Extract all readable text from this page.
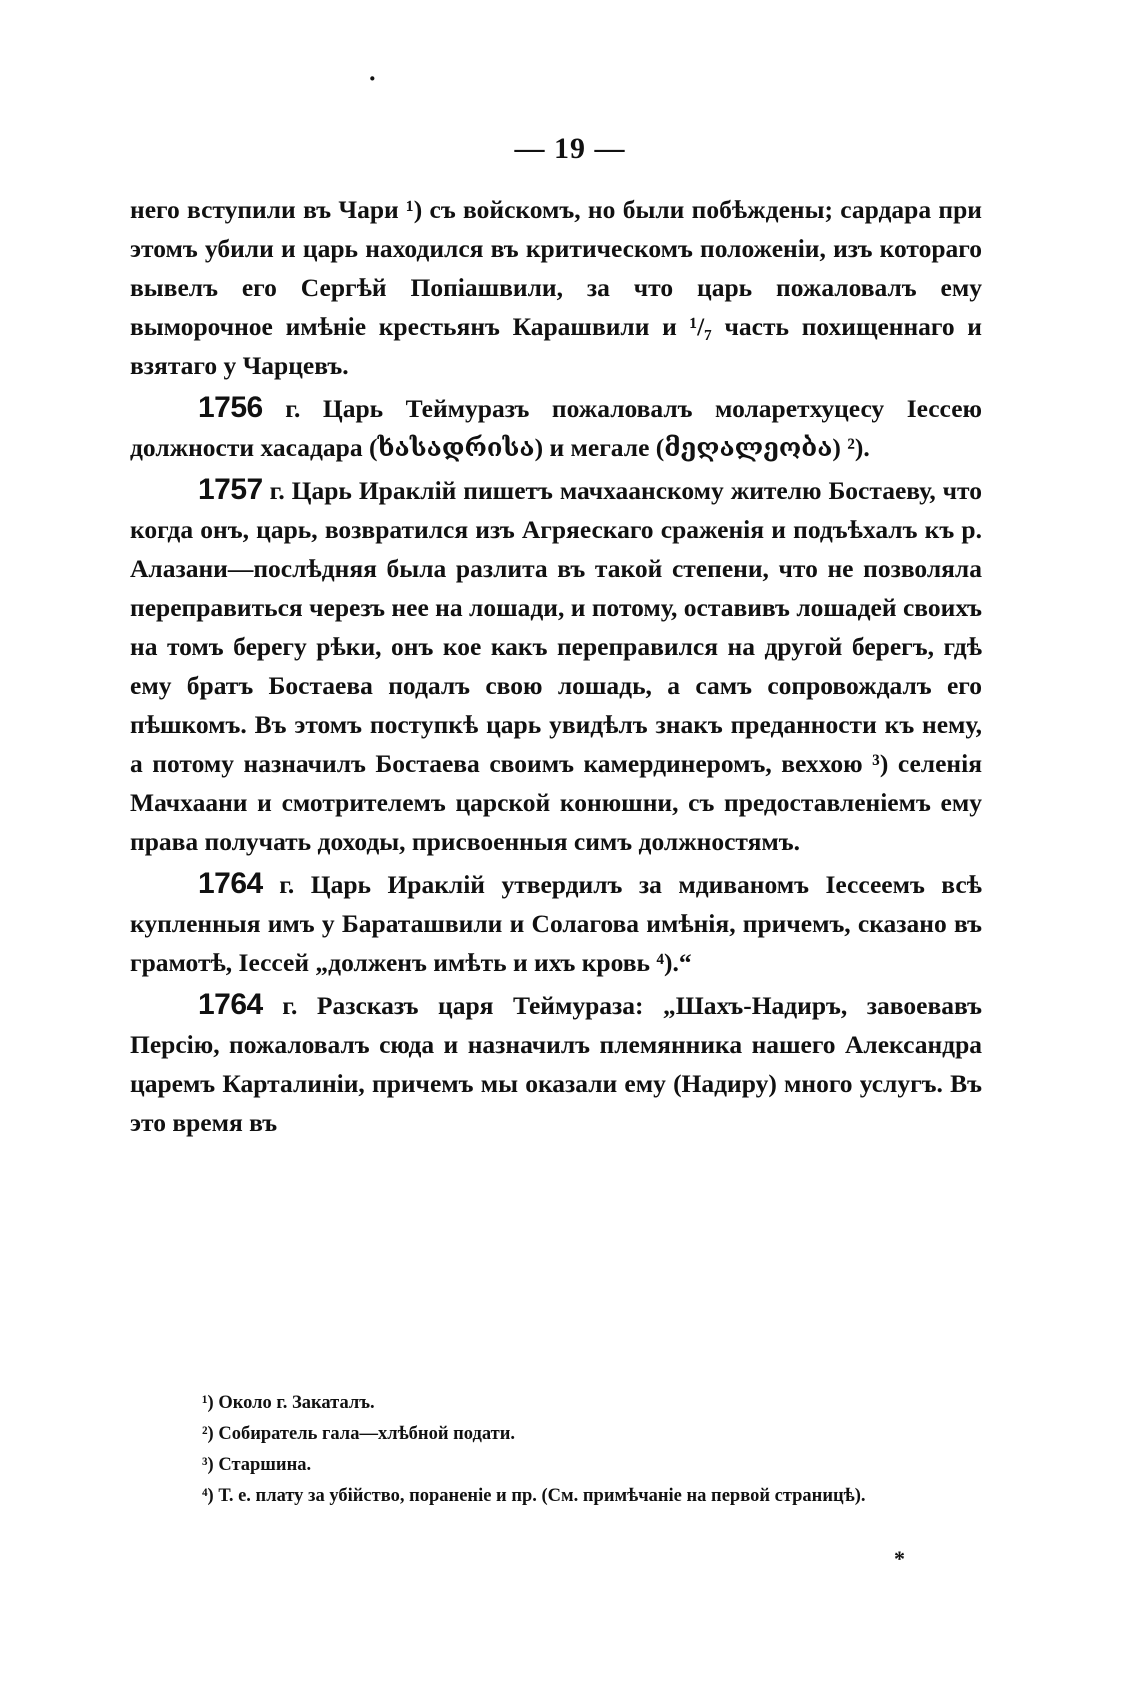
·
— 19 —

него вступили въ Чари ¹) съ войскомъ, но были побѣждены; сардара при этомъ убили и царь находился въ критическомъ положеніи, изъ котораго вывелъ его Сергѣй Попіашвили, за что царь пожаловалъ ему выморочное имѣніе крестьянъ Карашвили и ¹/₇ часть похищеннаго и взятаго у Чарцевъ.

1756 г. Царь Теймуразъ пожаловалъ моларетхуцесу Іессею должности хасадара (ხასადრისა) и мегале (მეღალეობა) ²).

1757 г. Царь Ираклій пишетъ мачхаанскому жителю Бостаеву, что когда онъ, царь, возвратился изъ Агряескаго сраженія и подъѣхалъ къ р. Алазани—послѣдняя была разлита въ такой степени, что не позволяла переправиться черезъ нее на лошади, и потому, оставивъ лошадей своихъ на томъ берегу рѣки, онъ кое какъ переправился на другой берегъ, гдѣ ему братъ Бостаева подалъ свою лошадь, а самъ сопровождалъ его пѣшкомъ. Въ этомъ поступкѣ царь увидѣлъ знакъ преданности къ нему, а потому назначилъ Бостаева своимъ камердинеромъ, веххою ³) селенія Мачхаани и смотрителемъ царской конюшни, съ предоставленіемъ ему права получать доходы, присвоенныя симъ должностямъ.

1764 г. Царь Ираклій утвердилъ за мдиваномъ Іессеемъ всѣ купленныя имъ у Бараташвили и Солагова имѣнія, причемъ, сказано въ грамотѣ, Іессей „долженъ имѣть и ихъ кровь ⁴).“

1764 г. Разсказъ царя Теймураза: „Шахъ-Надиръ, завоевавъ Персію, пожаловалъ сюда и назначилъ племянника нашего Александра царемъ Карталиніи, причемъ мы оказали ему (Надиру) много услугъ. Въ это время въ

¹) Около г. Закаталъ.

²) Собиратель гала—хлѣбной подати.

³) Старшина.

⁴) Т. е. плату за убійство, пораненіе и пр. (См. примѣчаніе на первой страницѣ).

*
